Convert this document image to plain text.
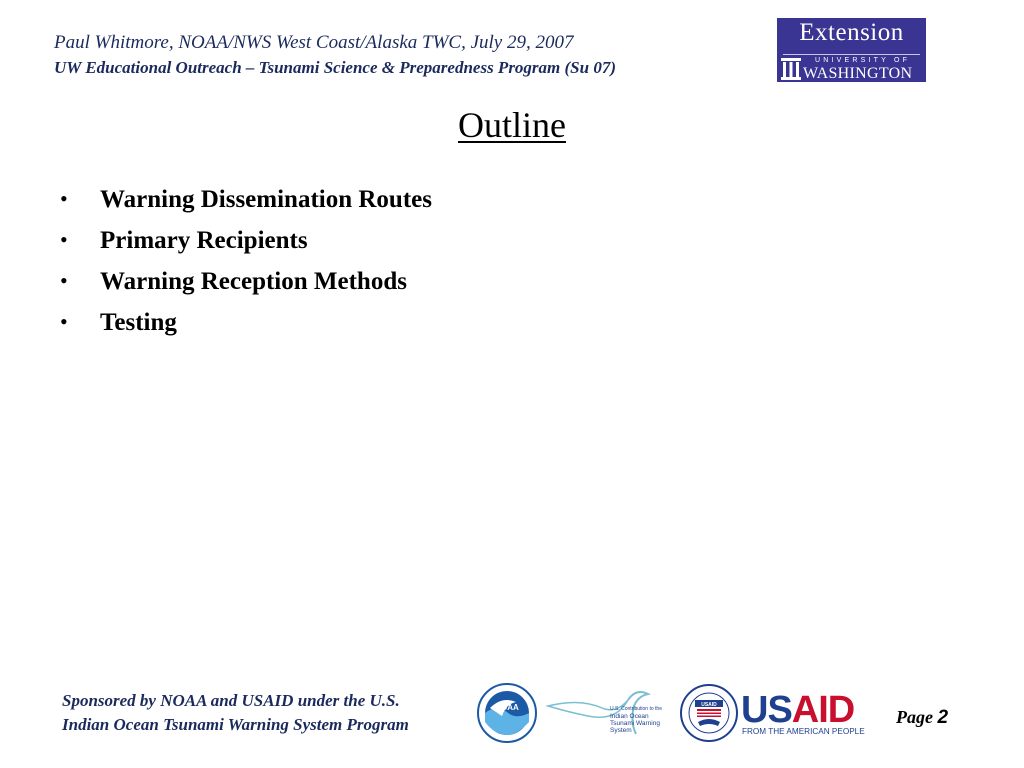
Paul Whitmore, NOAA/NWS West Coast/Alaska TWC, July 29, 2007
UW Educational Outreach – Tsunami Science & Preparedness Program (Su 07)
Extension
UNIVERSITY OF
WASHINGTON
Outline
• Warning Dissemination Routes
• Primary Recipients
• Warning Reception Methods
• Testing
Sponsored by NOAA and USAID under the U.S.
Indian Ocean Tsunami Warning System Program
NOAA	U.S. Contribution to the
Indian Ocean
Tsunami Warning
System
USAID USAID
FROM THE AMERICAN PEOPLE
Page 2
